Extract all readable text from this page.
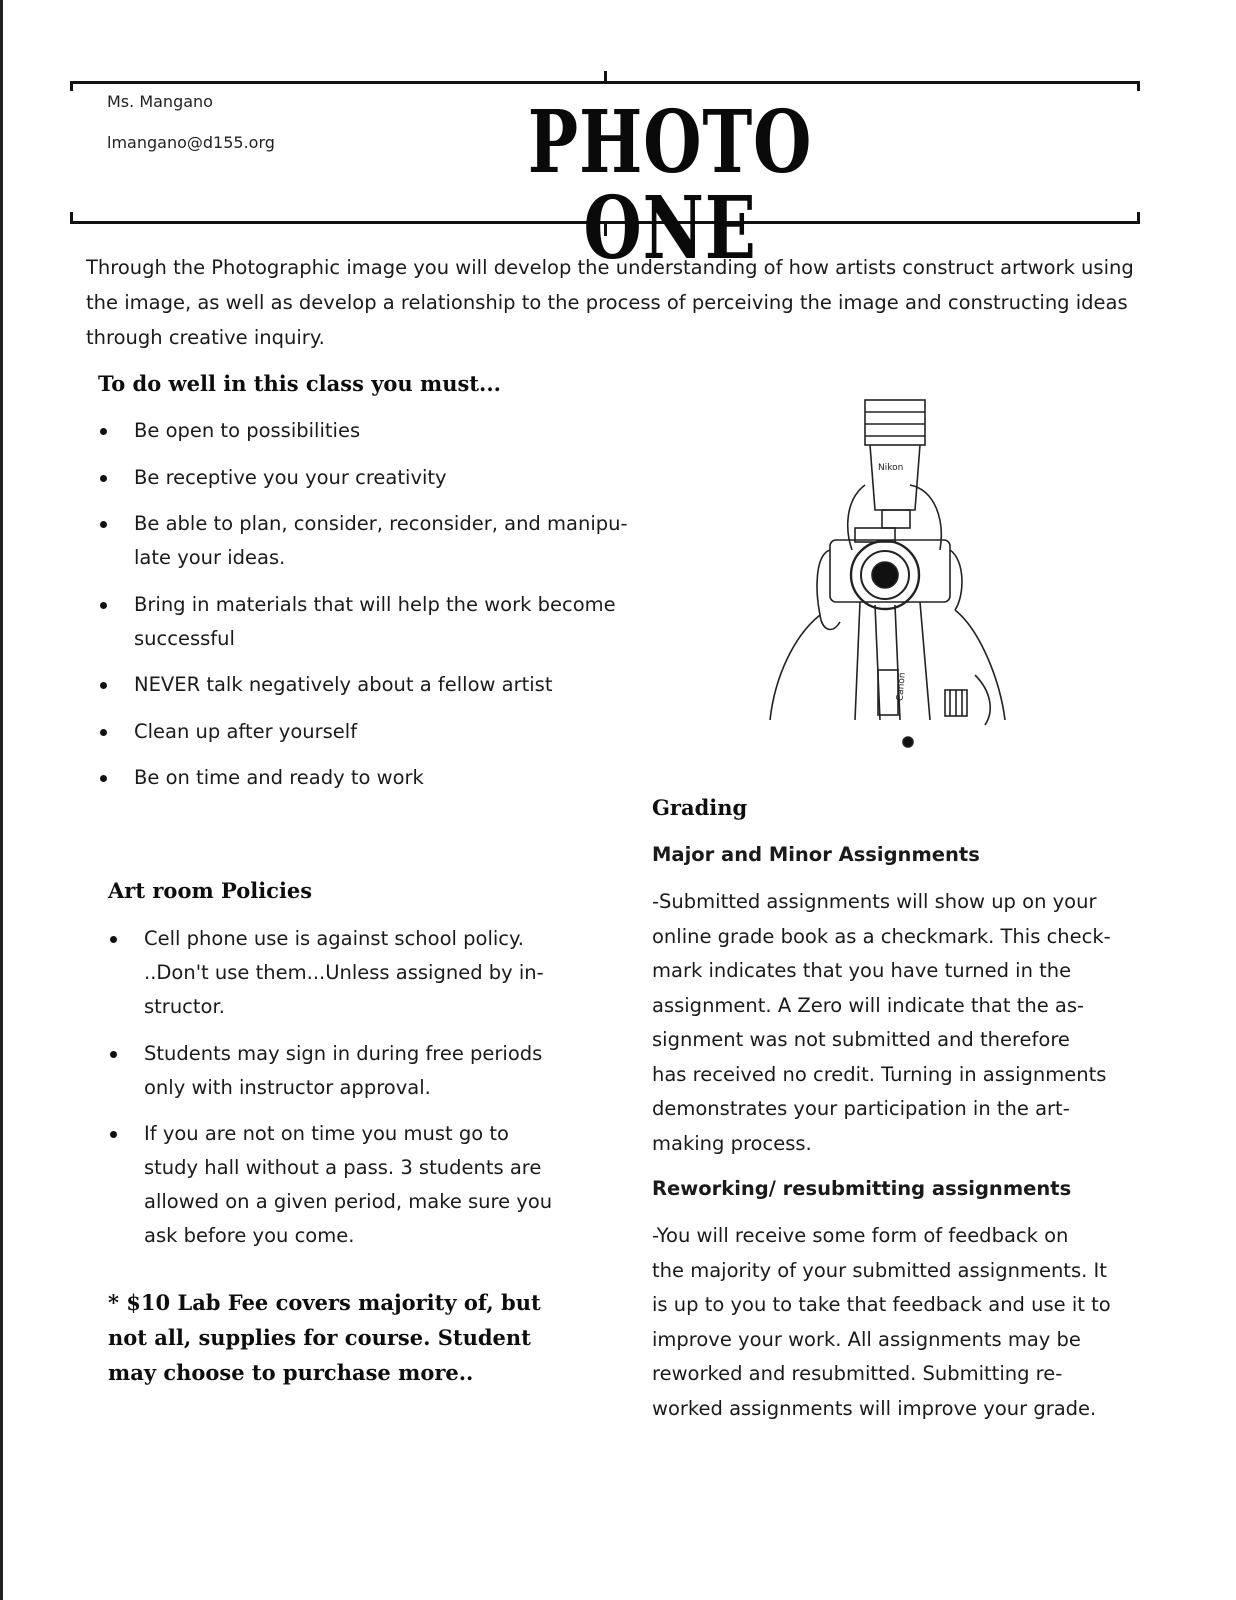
Ms. Mangano
lmangano@d155.org	PHOTO ONE
Through the Photographic image you will develop the understanding of how artists construct artwork using the image, as well as develop a relationship to the process of perceiving the image and constructing ideas through creative inquiry.
To do well in this class you must...
Be open to possibilities
Be receptive you your creativity
Be able to plan, consider, reconsider, and manipu-
late your ideas.
Bring in materials that will help the work become
successful
NEVER talk negatively about a fellow artist
Clean up after yourself
Be on time and ready to work
Nikon
Canon
Grading
Major and Minor Assignments
-Submitted assignments will show up on your
online grade book as a checkmark. This check-
mark indicates that you have turned in the
assignment. A Zero will indicate that the as-
signment was not submitted and therefore
has received no credit. Turning in assignments
demonstrates your participation in the art-
making process.
Reworking/ resubmitting assignments
-You will receive some form of feedback on
the majority of your submitted assignments. It
is up to you to take that feedback and use it to
improve your work. All assignments may be
reworked and resubmitted. Submitting re-
worked assignments will improve your grade.
Art room Policies
Cell phone use is against school policy.
..Don't use them...Unless assigned by in-
structor.
Students may sign in during free periods
only with instructor approval.
If you are not on time you must go to
study hall without a pass. 3 students are
allowed on a given period, make sure you
ask before you come.
* $10 Lab Fee covers majority of, but
not all, supplies for course. Student
may choose to purchase more..
